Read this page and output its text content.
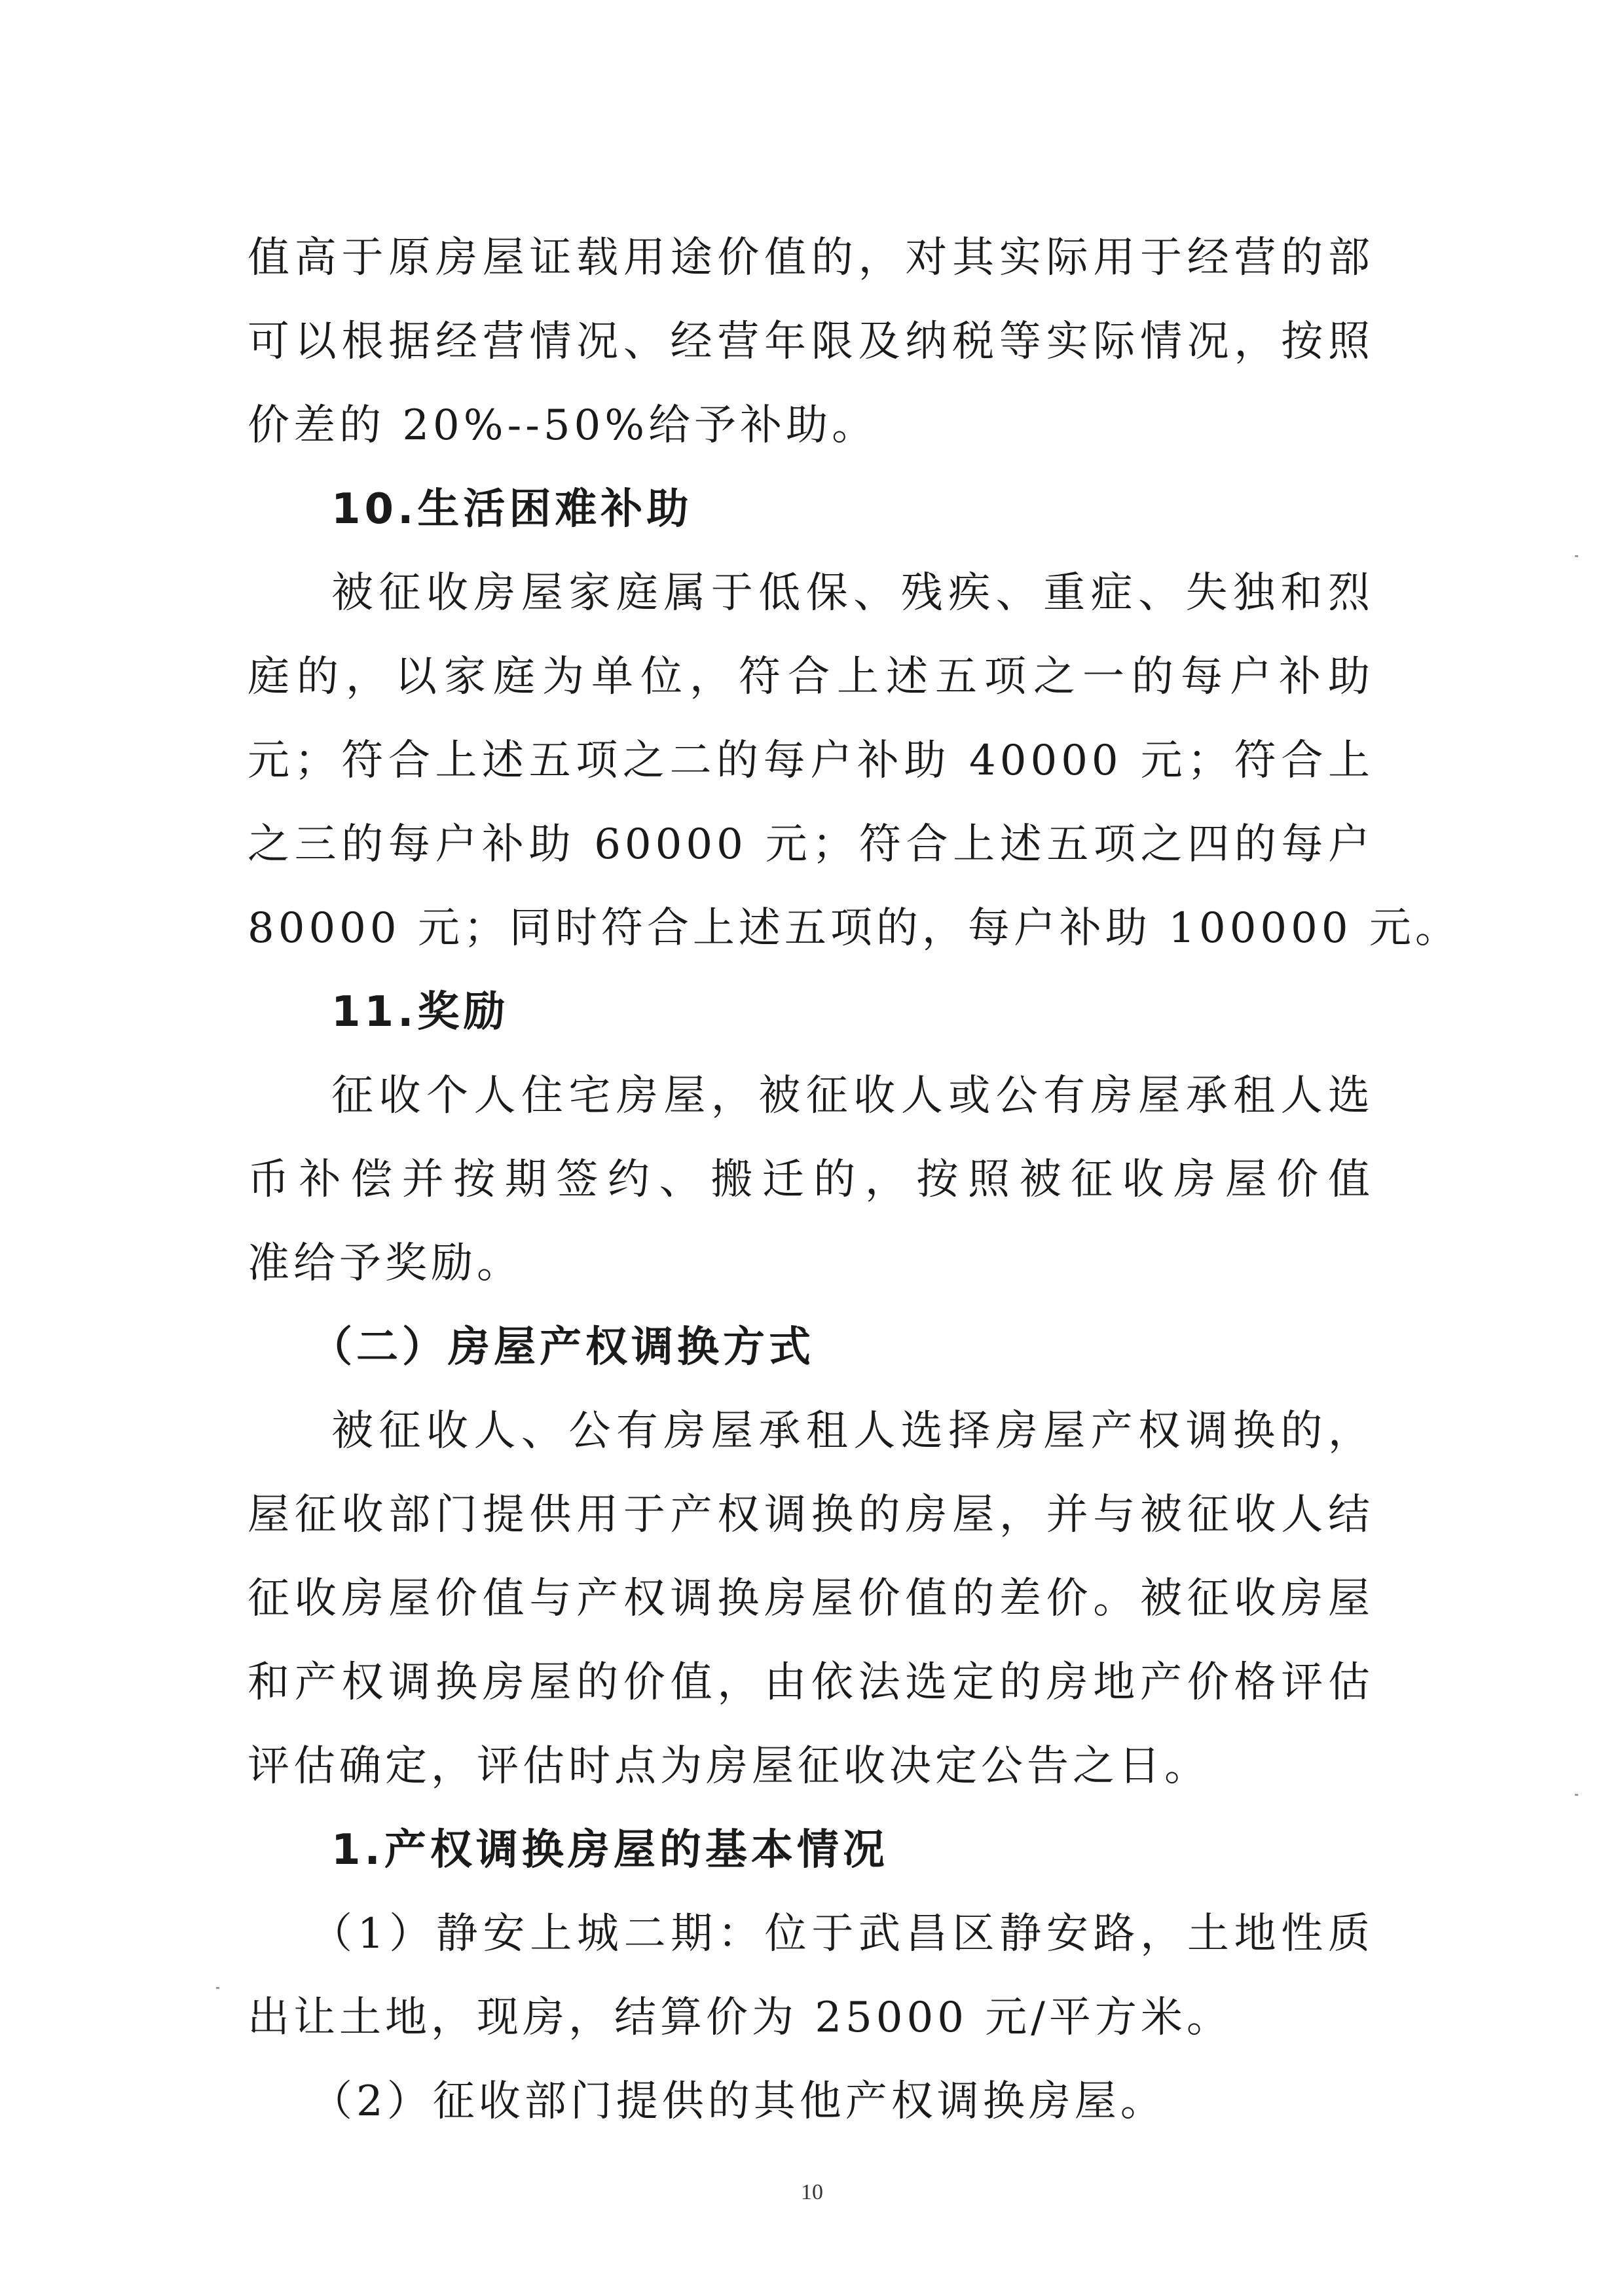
值高于原房屋证载用途价值的，对其实际用于经营的部
可以根据经营情况、经营年限及纳税等实际情况，按照
价差的 20%--50%给予补助。
10.生活困难补助
被征收房屋家庭属于低保、残疾、重症、失独和烈
庭的，以家庭为单位，符合上述五项之一的每户补助
元；符合上述五项之二的每户补助 40000 元；符合上
之三的每户补助 60000 元；符合上述五项之四的每户
80000 元；同时符合上述五项的，每户补助 100000 元。
11.奖励
征收个人住宅房屋，被征收人或公有房屋承租人选
币补偿并按期签约、搬迁的，按照被征收房屋价值
准给予奖励。
（二）房屋产权调换方式
被征收人、公有房屋承租人选择房屋产权调换的，
屋征收部门提供用于产权调换的房屋，并与被征收人结
征收房屋价值与产权调换房屋价值的差价。被征收房屋
和产权调换房屋的价值，由依法选定的房地产价格评估
评估确定，评估时点为房屋征收决定公告之日。
1.产权调换房屋的基本情况
（1）静安上城二期：位于武昌区静安路，土地性质
出让土地，现房，结算价为 25000 元/平方米。
（2）征收部门提供的其他产权调换房屋。
10
